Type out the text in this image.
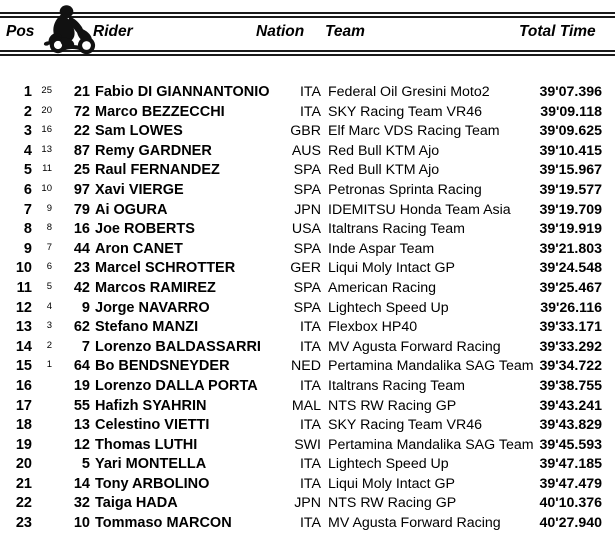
Pos	Rider	Nation Team	Total Time
1 25	21 Fabio DI GIANNANTONIO	ITA Federal Oil Gresini Moto2	39'07.396
2 20	72 Marco BEZZECCHI	ITA SKY Racing Team VR46	39'09.118
3 16	22 Sam LOWES	GBR Elf Marc VDS Racing Team	39'09.625
4 13	87 Remy GARDNER	AUS Red Bull KTM Ajo	39'10.415
5	11	25 Raul FERNANDEZ	SPA Red Bull KTM Ajo	39'15.967
6 10	97 Xavi VIERGE	SPA Petronas Sprinta Racing	39'19.577
7	9	79 Ai OGURA	JPN IDEMITSU Honda Team Asia	39'19.709
8	8	16 Joe ROBERTS	USA Italtrans Racing Team	39'19.919
9	7	44 Aron CANET	SPA Inde Aspar Team	39'21.803
10	6	23 Marcel SCHROTTER	GER Liqui Moly Intact GP	39'24.548
11	5	42 Marcos RAMIREZ	SPA American Racing	39'25.467
12	4	9 Jorge NAVARRO	SPA Lightech Speed Up	39'26.116
13	3	62 Stefano MANZI	ITA Flexbox HP40	39'33.171
14	2	7 Lorenzo BALDASSARRI	ITA MV Agusta Forward Racing	39'33.292
15	1	64 Bo BENDSNEYDER	NED Pertamina Mandalika SAG Team 39'34.722
16	19 Lorenzo DALLA PORTA	ITA Italtrans Racing Team	39'38.755
17	55 Hafizh SYAHRIN	MAL NTS RW Racing GP	39'43.241
18	13 Celestino VIETTI	ITA SKY Racing Team VR46	39'43.829
19	12 Thomas LUTHI	SWI Pertamina Mandalika SAG Team 39'45.593
20	5 Yari MONTELLA	ITA Lightech Speed Up	39'47.185
21	14 Tony ARBOLINO	ITA Liqui Moly Intact GP	39'47.479
22	32 Taiga HADA	JPN NTS RW Racing GP	40'10.376
23	10 Tommaso MARCON	ITA MV Agusta Forward Racing	40'27.940
